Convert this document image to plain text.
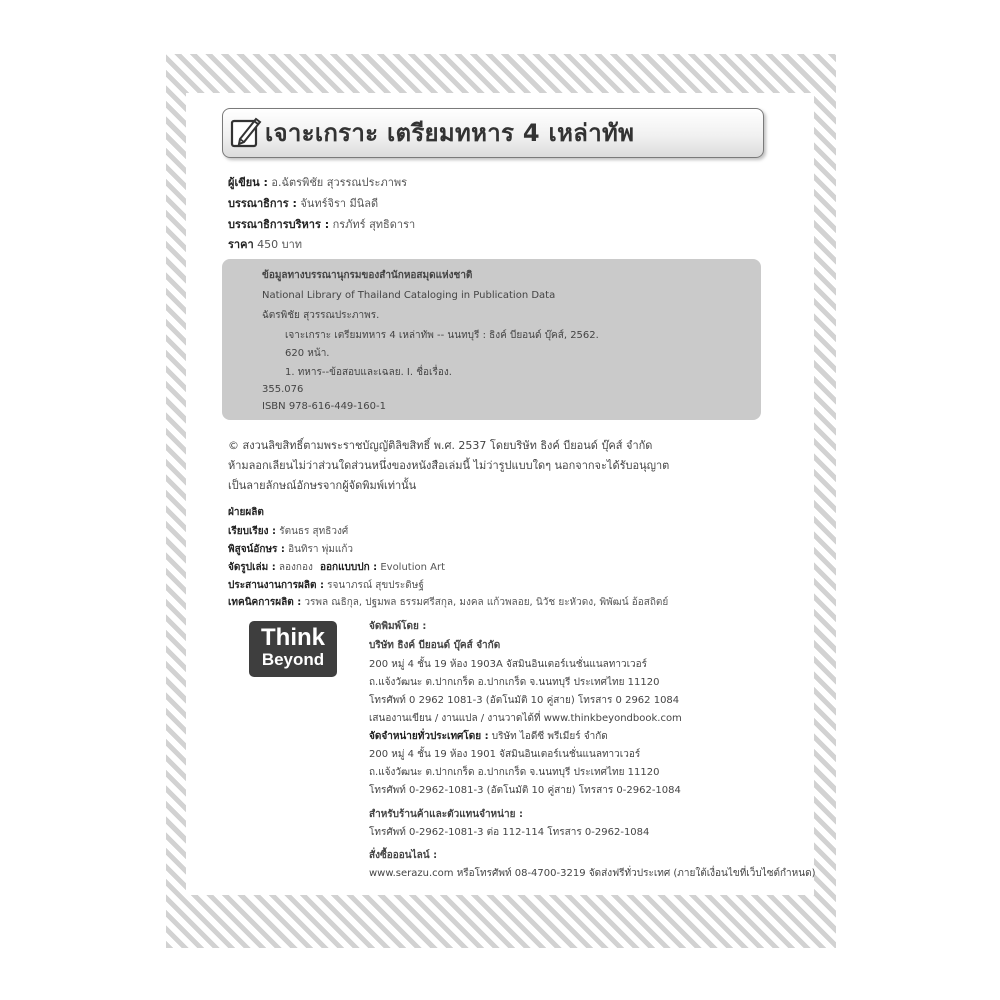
เจาะเกราะ เตรียมทหาร 4 เหล่าทัพ
ผู้เขียน : อ.ฉัตรพิชัย สุวรรณประภาพร
บรรณาธิการ : จันทร์จิรา มีนิลดี
บรรณาธิการบริหาร : กรภัทร์ สุทธิดารา
ราคา 450 บาท
ข้อมูลทางบรรณานุกรมของสำนักหอสมุดแห่งชาติ
National Library of Thailand Cataloging in Publication Data
ฉัตรพิชัย สุวรรณประภาพร.
เจาะเกราะ เตรียมทหาร 4 เหล่าทัพ -- นนทบุรี : ธิงค์ บียอนด์ บุ๊คส์, 2562.
620 หน้า.
1. ทหาร--ข้อสอบและเฉลย. I. ชื่อเรื่อง.
355.076
ISBN 978-616-449-160-1
© สงวนลิขสิทธิ์ตามพระราชบัญญัติลิขสิทธิ์ พ.ศ. 2537 โดยบริษัท ธิงค์ บียอนด์ บุ๊คส์ จำกัด
ห้ามลอกเลียนไม่ว่าส่วนใดส่วนหนึ่งของหนังสือเล่มนี้ ไม่ว่ารูปแบบใดๆ นอกจากจะได้รับอนุญาต
เป็นลายลักษณ์อักษรจากผู้จัดพิมพ์เท่านั้น
ฝ่ายผลิต
เรียบเรียง : รัตนธร สุทธิวงศ์
พิสูจน์อักษร : อินทิรา พุ่มแก้ว
จัดรูปเล่ม : ลองกอง ออกแบบปก : Evolution Art
ประสานงานการผลิต : รจนาภรณ์ สุขประดิษฐ์
เทคนิคการผลิต : วรพล ณธิกุล, ปฐมพล ธรรมศรีสกุล, มงคล แก้วพลอย, นิวัช ยะหัวดง, พิพัฒน์ อ้อสถิตย์
Think
Beyond
จัดพิมพ์โดย :
บริษัท ธิงค์ บียอนด์ บุ๊คส์ จำกัด
200 หมู่ 4 ชั้น 19 ห้อง 1903A จัสมินอินเตอร์เนชั่นแนลทาวเวอร์
ถ.แจ้งวัฒนะ ต.ปากเกร็ด อ.ปากเกร็ด จ.นนทบุรี ประเทศไทย 11120
โทรศัพท์ 0 2962 1081-3 (อัตโนมัติ 10 คู่สาย) โทรสาร 0 2962 1084
เสนองานเขียน / งานแปล / งานวาดได้ที่ www.thinkbeyondbook.com
จัดจำหน่ายทั่วประเทศโดย : บริษัท ไอดีซี พรีเมียร์ จำกัด
200 หมู่ 4 ชั้น 19 ห้อง 1901 จัสมินอินเตอร์เนชั่นแนลทาวเวอร์
ถ.แจ้งวัฒนะ ต.ปากเกร็ด อ.ปากเกร็ด จ.นนทบุรี ประเทศไทย 11120
โทรศัพท์ 0-2962-1081-3 (อัตโนมัติ 10 คู่สาย) โทรสาร 0-2962-1084
สำหรับร้านค้าและตัวแทนจำหน่าย :
โทรศัพท์ 0-2962-1081-3 ต่อ 112-114 โทรสาร 0-2962-1084
สั่งซื้อออนไลน์ :
www.serazu.com หรือโทรศัพท์ 08-4700-3219 จัดส่งฟรีทั่วประเทศ (ภายใต้เงื่อนไขที่เว็บไซต์กำหนด)
